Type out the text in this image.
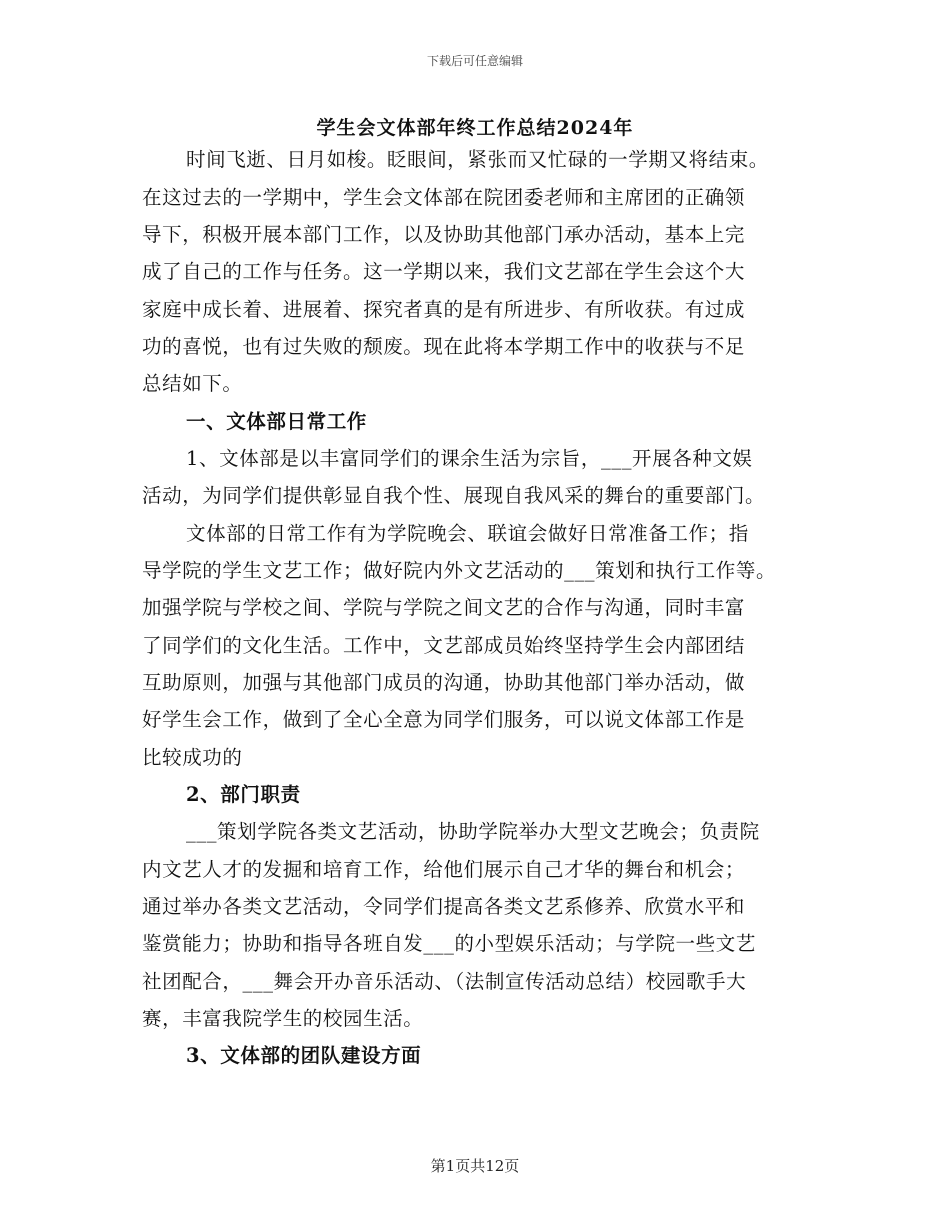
下载后可任意编辑
学生会文体部年终工作总结2024年
时间飞逝、日月如梭。眨眼间，紧张而又忙碌的一学期又将结束。
在这过去的一学期中，学生会文体部在院团委老师和主席团的正确领
导下，积极开展本部门工作，以及协助其他部门承办活动，基本上完
成了自己的工作与任务。这一学期以来，我们文艺部在学生会这个大
家庭中成长着、进展着、探究者真的是有所进步、有所收获。有过成
功的喜悦，也有过失败的颓废。现在此将本学期工作中的收获与不足
总结如下。
一、文体部日常工作
1、文体部是以丰富同学们的课余生活为宗旨，___开展各种文娱
活动，为同学们提供彰显自我个性、展现自我风采的舞台的重要部门。
文体部的日常工作有为学院晚会、联谊会做好日常准备工作；指
导学院的学生文艺工作；做好院内外文艺活动的___策划和执行工作等。
加强学院与学校之间、学院与学院之间文艺的合作与沟通，同时丰富
了同学们的文化生活。工作中，文艺部成员始终坚持学生会内部团结
互助原则，加强与其他部门成员的沟通，协助其他部门举办活动，做
好学生会工作，做到了全心全意为同学们服务，可以说文体部工作是
比较成功的
2、部门职责
___策划学院各类文艺活动，协助学院举办大型文艺晚会；负责院
内文艺人才的发掘和培育工作，给他们展示自己才华的舞台和机会；
通过举办各类文艺活动，令同学们提高各类文艺系修养、欣赏水平和
鉴赏能力；协助和指导各班自发___的小型娱乐活动；与学院一些文艺
社团配合，___舞会开办音乐活动、（法制宣传活动总结）校园歌手大
赛，丰富我院学生的校园生活。
3、文体部的团队建设方面
第1页共12页
